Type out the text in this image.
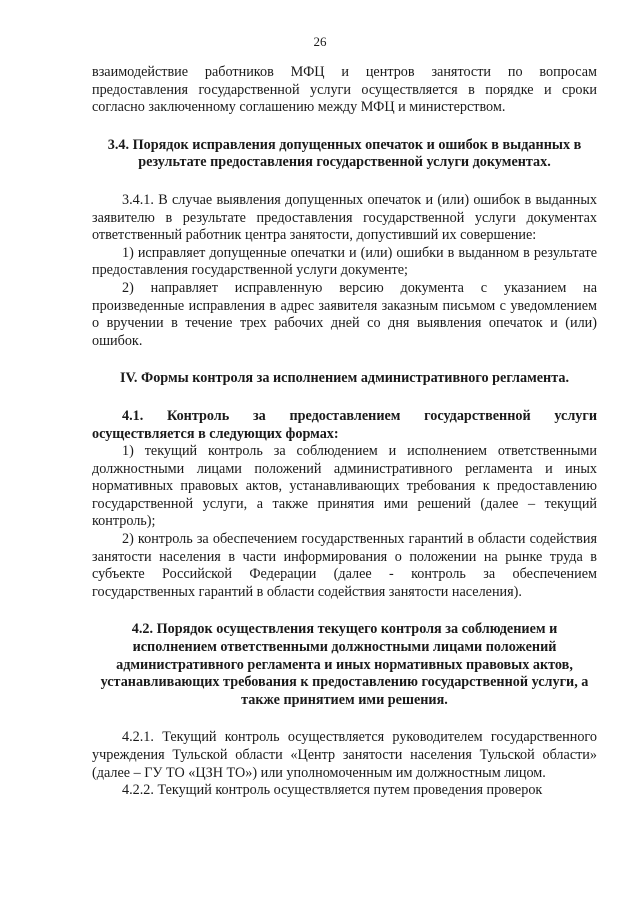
26

взаимодействие работников МФЦ и центров занятости по вопросам предоставления государственной услуги осуществляется в порядке и сроки согласно заключенному соглашению между МФЦ и министерством.

3.4. Порядок исправления допущенных опечаток и ошибок в выданных в результате предоставления государственной услуги документах.

3.4.1. В случае выявления допущенных опечаток и (или) ошибок в выданных заявителю в результате предоставления государственной услуги документах ответственный работник центра занятости, допустивший их совершение:

1) исправляет допущенные опечатки и (или) ошибки в выданном в результате предоставления государственной услуги документе;

2) направляет исправленную версию документа с указанием на произведенные исправления в адрес заявителя заказным письмом с уведомлением о вручении в течение трех рабочих дней со дня выявления опечаток и (или) ошибок.

IV. Формы контроля за исполнением административного регламента.

4.1. Контроль за предоставлением государственной услуги осуществляется в следующих формах:

1) текущий контроль за соблюдением и исполнением ответственными должностными лицами положений административного регламента и иных нормативных правовых актов, устанавливающих требования к предоставлению государственной услуги, а также принятия ими решений (далее – текущий контроль);

2) контроль за обеспечением государственных гарантий в области содействия занятости населения в части информирования о положении на рынке труда в субъекте Российской Федерации (далее - контроль за обеспечением государственных гарантий в области содействия занятости населения).

4.2. Порядок осуществления текущего контроля за соблюдением и исполнением ответственными должностными лицами положений административного регламента и иных нормативных правовых актов, устанавливающих требования к предоставлению государственной услуги, а также принятием ими решения.

4.2.1. Текущий контроль осуществляется руководителем государственного учреждения Тульской области «Центр занятости населения Тульской области» (далее – ГУ ТО «ЦЗН ТО») или уполномоченным им должностным лицом.

4.2.2. Текущий контроль осуществляется путем проведения проверок
